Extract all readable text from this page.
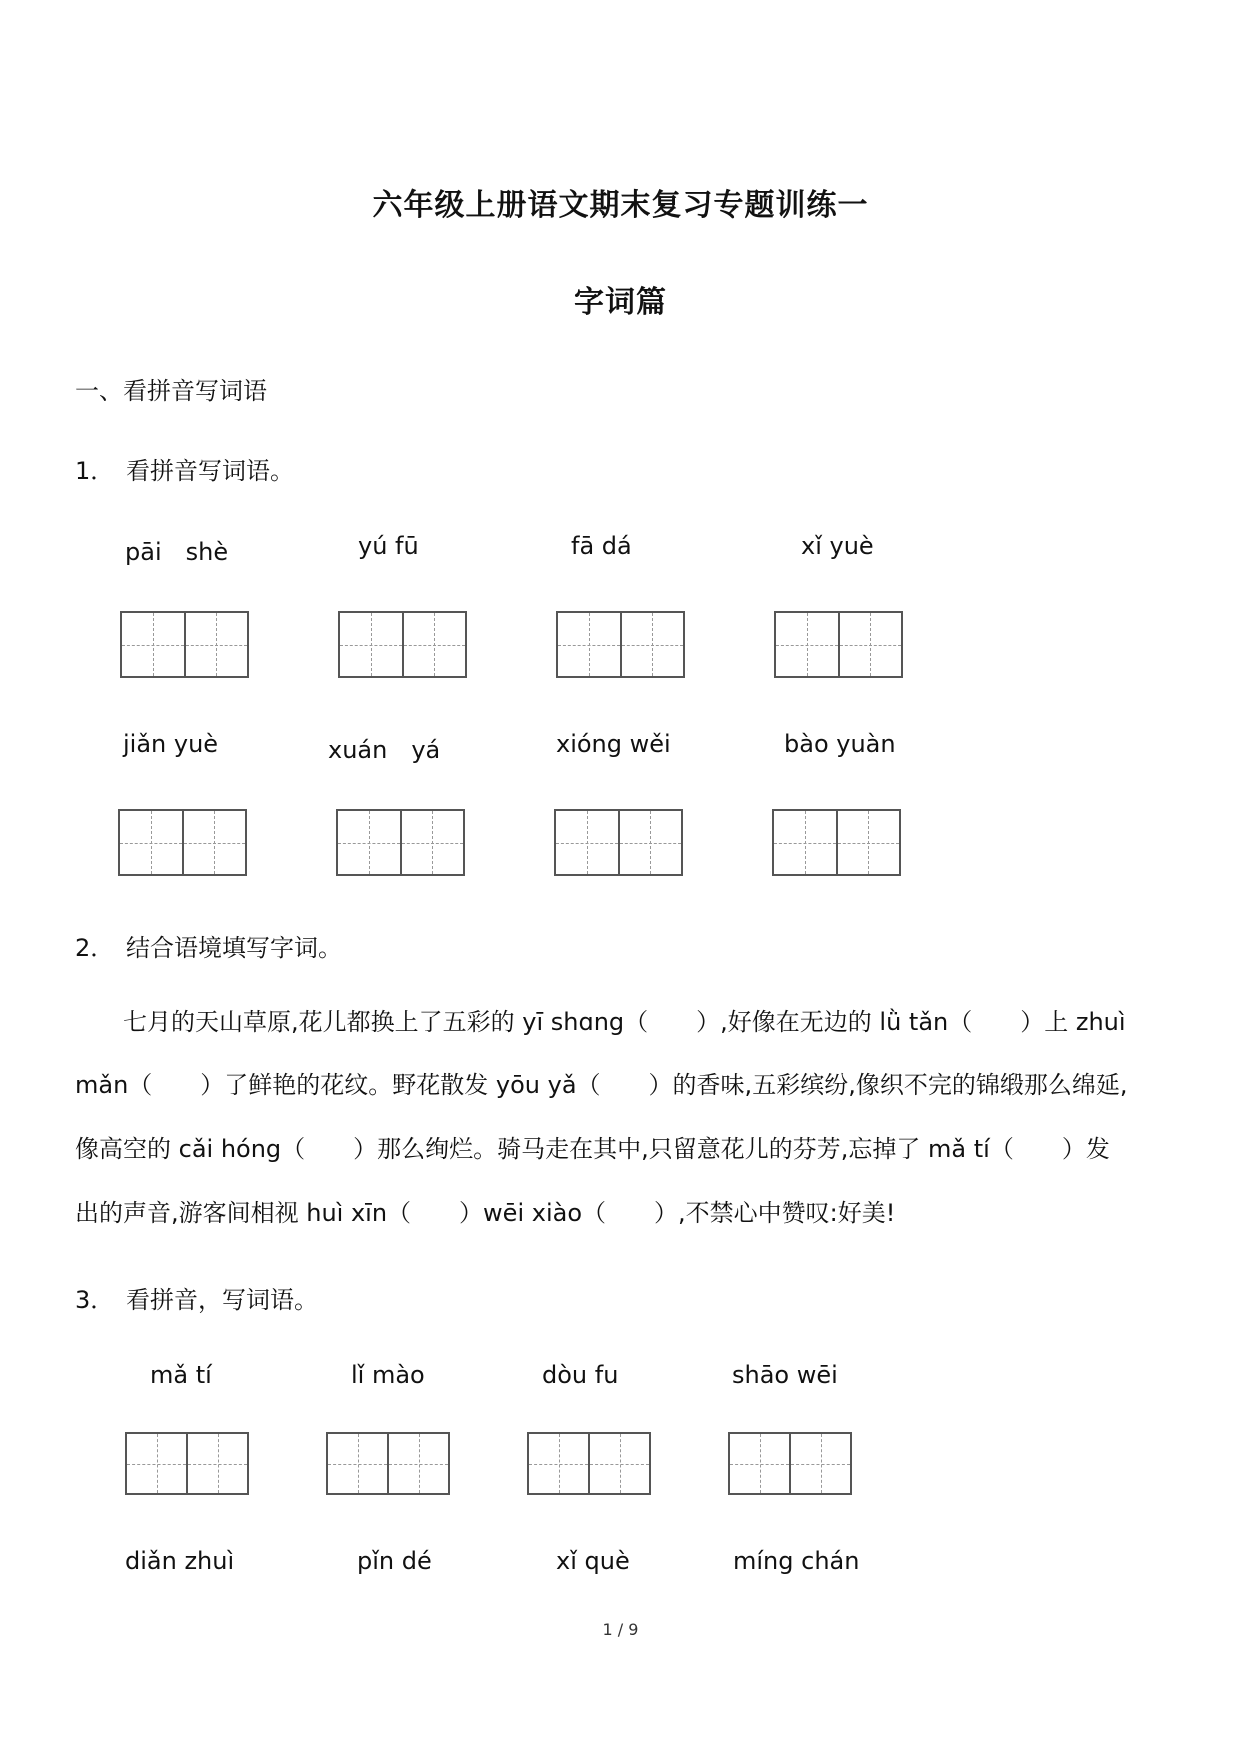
六年级上册语文期末复习专题训练一
字词篇
一、看拼音写词语
1． 看拼音写词语。
pāi　shè	yú fū	fā dá	xǐ yuè
jiǎn yuè	xuán　yá	xióng wěi	bào yuàn
2． 结合语境填写字词。
七月的天山草原,花儿都换上了五彩的 yī shɑng（　　）,好像在无边的 lǜ tǎn（　　）上 zhuì
mǎn（　　）了鲜艳的花纹。野花散发 yōu yǎ（　　）的香味,五彩缤纷,像织不完的锦缎那么绵延,
像高空的 cǎi hóng（　　）那么绚烂。骑马走在其中,只留意花儿的芬芳,忘掉了 mǎ tí（　　）发
出的声音,游客间相视 huì xīn（　　）wēi xiào（　　）,不禁心中赞叹:好美!
3． 看拼音，写词语。
mǎ tí	lǐ mào	dòu fu	shāo wēi
diǎn zhuì	pǐn dé	xǐ què	míng chán
1 / 9
